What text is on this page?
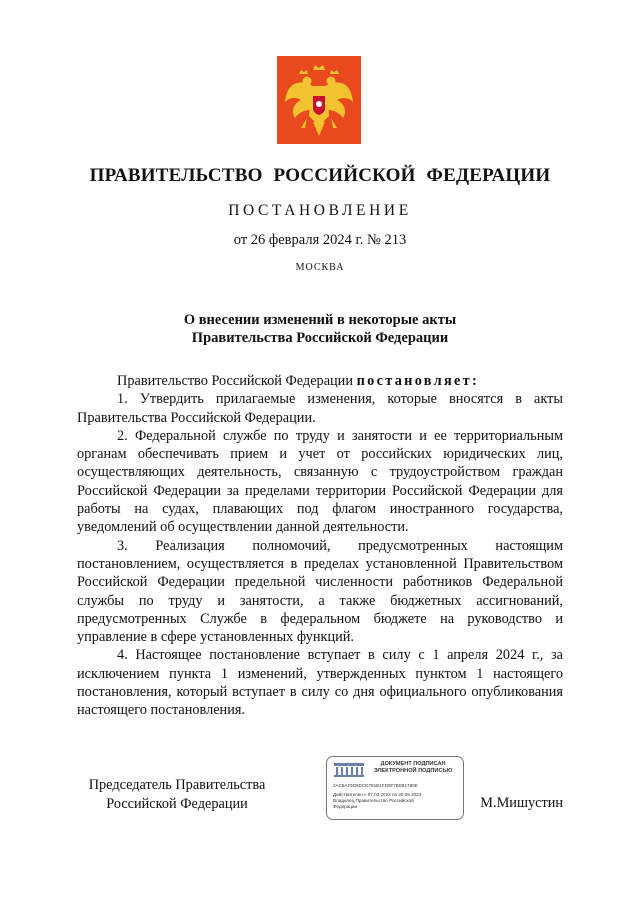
ПРАВИТЕЛЬСТВО РОССИЙСКОЙ ФЕДЕРАЦИИ
ПОСТАНОВЛЕНИЕ
от 26 февраля 2024 г. № 213
МОСКВА
О внесении изменений в некоторые акты
Правительства Российской Федерации

Правительство Российской Федерации постановляет:

1. Утвердить прилагаемые изменения, которые вносятся в акты Правительства Российской Федерации.

2. Федеральной службе по труду и занятости и ее территориальным органам обеспечивать прием и учет от российских юридических лиц, осуществляющих деятельность, связанную с трудоустройством граждан Российской Федерации за пределами территории Российской Федерации для работы на судах, плавающих под флагом иностранного государства, уведомлений об осуществлении данной деятельности.

3. Реализация полномочий, предусмотренных настоящим постановлением, осуществляется в пределах установленной Правительством Российской Федерации предельной численности работников Федеральной службы по труду и занятости, а также бюджетных ассигнований, предусмотренных Службе в федеральном бюджете на руководство и управление в сфере установленных функций.

4. Настоящее постановление вступает в силу с 1 апреля 2024 г., за исключением пункта 1 изменений, утвержденных пунктом 1 настоящего постановления, который вступает в силу со дня официального опубликования настоящего постановления.

Председатель Правительства
Российской Федерации
ДОКУМЕНТ ПОДПИСАН
ЭЛЕКТРОННОЙ ПОДПИСЬЮ
2AC9A76D6DCD781B1FD0F76EB1780E
Действителен с 07.03.2023 по 30.05.2024
Владелец Правительство Российской
Федерации	М.Мишустин
